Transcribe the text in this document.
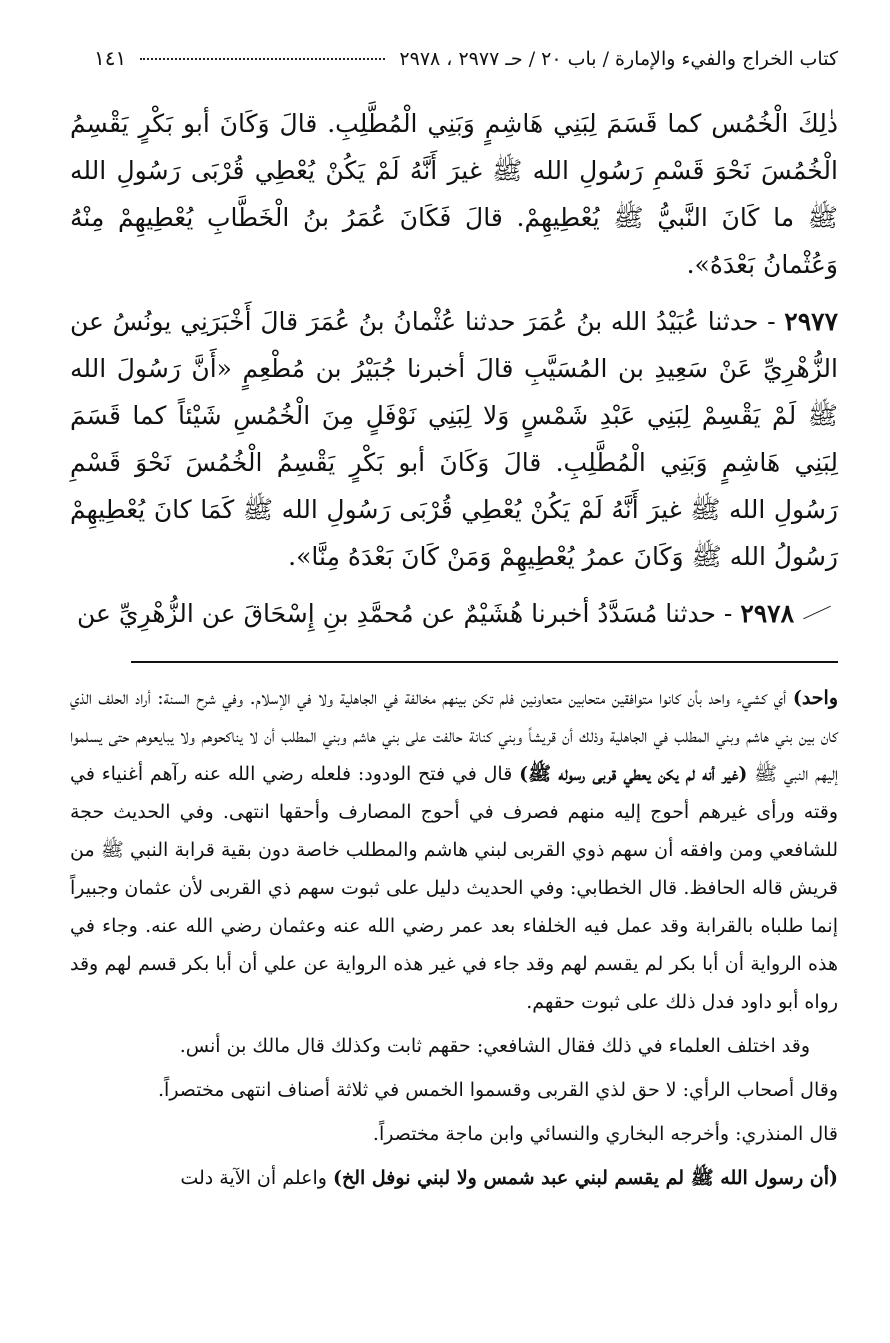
كتاب الخراج والفيء والإمارة / باب ٢٠ / حـ ٢٩٧٧ ، ٢٩٧٨
١٤١

ذٰلِكَ الْخُمُس كما قَسَمَ لِبَنِي هَاشِمٍ وَبَنِي الْمُطَّلِبِ. قالَ وَكَانَ أبو بَكْرٍ يَقْسِمُ الْخُمُسَ نَحْوَ قَسْمِ رَسُولِ الله ﷺ غيرَ أَنَّهُ لَمْ يَكُنْ يُعْطِي قُرْبَى رَسُولِ الله ﷺ ما كَانَ النَّبيُّ ﷺ يُعْطِيهِمْ. قالَ فَكَانَ عُمَرُ بنُ الْخَطَّابِ يُعْطِيهِمْ مِنْهُ وَعُثْمانُ بَعْدَهُ».

٢٩٧٧ - حدثنا عُبَيْدُ الله بنُ عُمَرَ حدثنا عُثْمانُ بنُ عُمَرَ قالَ أَخْبَرَنِي يونُسُ عن الزُّهْرِيِّ عَنْ سَعِيدِ بن المُسَيَّبِ قالَ أخبرنا جُبَيْرُ بن مُطْعِمٍ «أَنَّ رَسُولَ الله ﷺ لَمْ يَقْسِمْ لِبَنِي عَبْدِ شَمْسٍ وَلا لِبَنِي نَوْفَلٍ مِنَ الْخُمُسِ شَيْئاً كما قَسَمَ لِبَنِي هَاشِمٍ وَبَنِي الْمُطَّلِبِ. قالَ وَكَانَ أبو بَكْرٍ يَقْسِمُ الْخُمُسَ نَحْوَ قَسْمِ رَسُولِ الله ﷺ غيرَ أَنَّهُ لَمْ يَكُنْ يُعْطِي قُرْبَى رَسُولِ الله ﷺ كَمَا كانَ يُعْطِيهِمْ رَسُولُ الله ﷺ وَكَانَ عمرُ يُعْطِيهِمْ وَمَنْ كَانَ بَعْدَهُ مِنَّا».

٢٩٧٨ - حدثنا مُسَدَّدُ أخبرنا هُشَيْمٌ عن مُحمَّدِ بنِ إِسْحَاقَ عن الزُّهْرِيِّ عن

واحد) أي كشيء واحد بأن كانوا متوافقين متحابين متعاونين فلم تكن بينهم مخالفة في الجاهلية ولا في الإسلام. وفي شرح السنة: أراد الحلف الذي كان بين بني هاشم وبني المطلب في الجاهلية وذلك أن قريشاً وبني كنانة حالفت على بني هاشم وبني المطلب أن لا يناكحوهم ولا يبايعوهم حتى يسلموا إليهم النبي ﷺ (غير أنه لم يكن يعطي قربى رسوله ﷺ) قال في فتح الودود: فلعله رضي الله عنه رآهم أغنياء في وقته ورأى غيرهم أحوج إليه منهم فصرف في أحوج المصارف وأحقها انتهى. وفي الحديث حجة للشافعي ومن وافقه أن سهم ذوي القربى لبني هاشم والمطلب خاصة دون بقية قرابة النبي ﷺ من قريش قاله الحافظ. قال الخطابي: وفي الحديث دليل على ثبوت سهم ذي القربى لأن عثمان وجبيراً إنما طلباه بالقرابة وقد عمل فيه الخلفاء بعد عمر رضي الله عنه وعثمان رضي الله عنه. وجاء في هذه الرواية أن أبا بكر لم يقسم لهم وقد جاء في غير هذه الرواية عن علي أن أبا بكر قسم لهم وقد رواه أبو داود فدل ذلك على ثبوت حقهم.

وقد اختلف العلماء في ذلك فقال الشافعي: حقهم ثابت وكذلك قال مالك بن أنس.

وقال أصحاب الرأي: لا حق لذي القربى وقسموا الخمس في ثلاثة أصناف انتهى مختصراً.

قال المنذري: وأخرجه البخاري والنسائي وابن ماجة مختصراً.

(أن رسول الله ﷺ لم يقسم لبني عبد شمس ولا لبني نوفل الخ) واعلم أن الآية دلت
